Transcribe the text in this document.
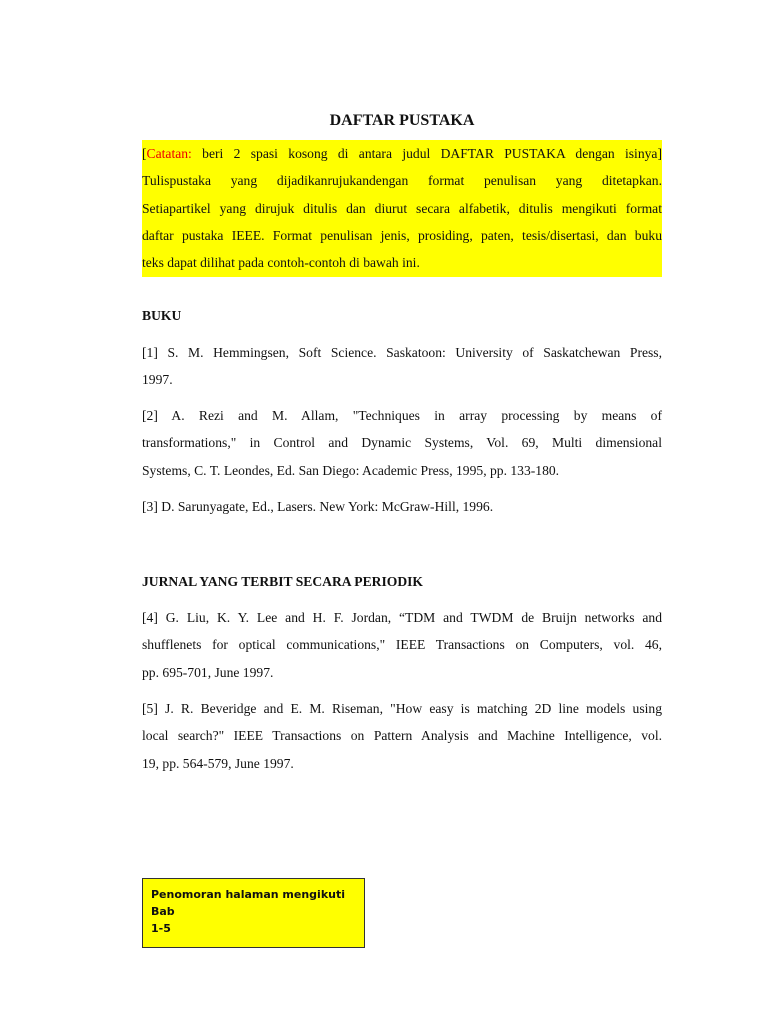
DAFTAR PUSTAKA
[Catatan: beri 2 spasi kosong di antara judul DAFTAR PUSTAKA dengan isinya]
Tulispustaka yang dijadikanrujukandengan format penulisan yang ditetapkan.
Setiapartikel yang dirujuk ditulis dan diurut secara alfabetik, ditulis mengikuti format
daftar pustaka IEEE. Format penulisan jenis, prosiding, paten, tesis/disertasi, dan buku
teks dapat dilihat pada contoh-contoh di bawah ini.
BUKU
[1] S. M. Hemmingsen, Soft Science. Saskatoon: University of Saskatchewan Press,
1997.
[2] A. Rezi and M. Allam, "Techniques in array processing by means of
transformations," in Control and Dynamic Systems, Vol. 69, Multi dimensional
Systems, C. T. Leondes, Ed. San Diego: Academic Press, 1995, pp. 133-180.
[3] D. Sarunyagate, Ed., Lasers. New York: McGraw-Hill, 1996.
JURNAL YANG TERBIT SECARA PERIODIK
[4] G. Liu, K. Y. Lee and H. F. Jordan, “TDM and TWDM de Bruijn networks and
shufflenets for optical communications," IEEE Transactions on Computers, vol. 46,
pp. 695-701, June 1997.
[5] J. R. Beveridge and E. M. Riseman, "How easy is matching 2D line models using
local search?" IEEE Transactions on Pattern Analysis and Machine Intelligence, vol.
19, pp. 564-579, June 1997.
Penomoran halaman mengikuti Bab
1-5
